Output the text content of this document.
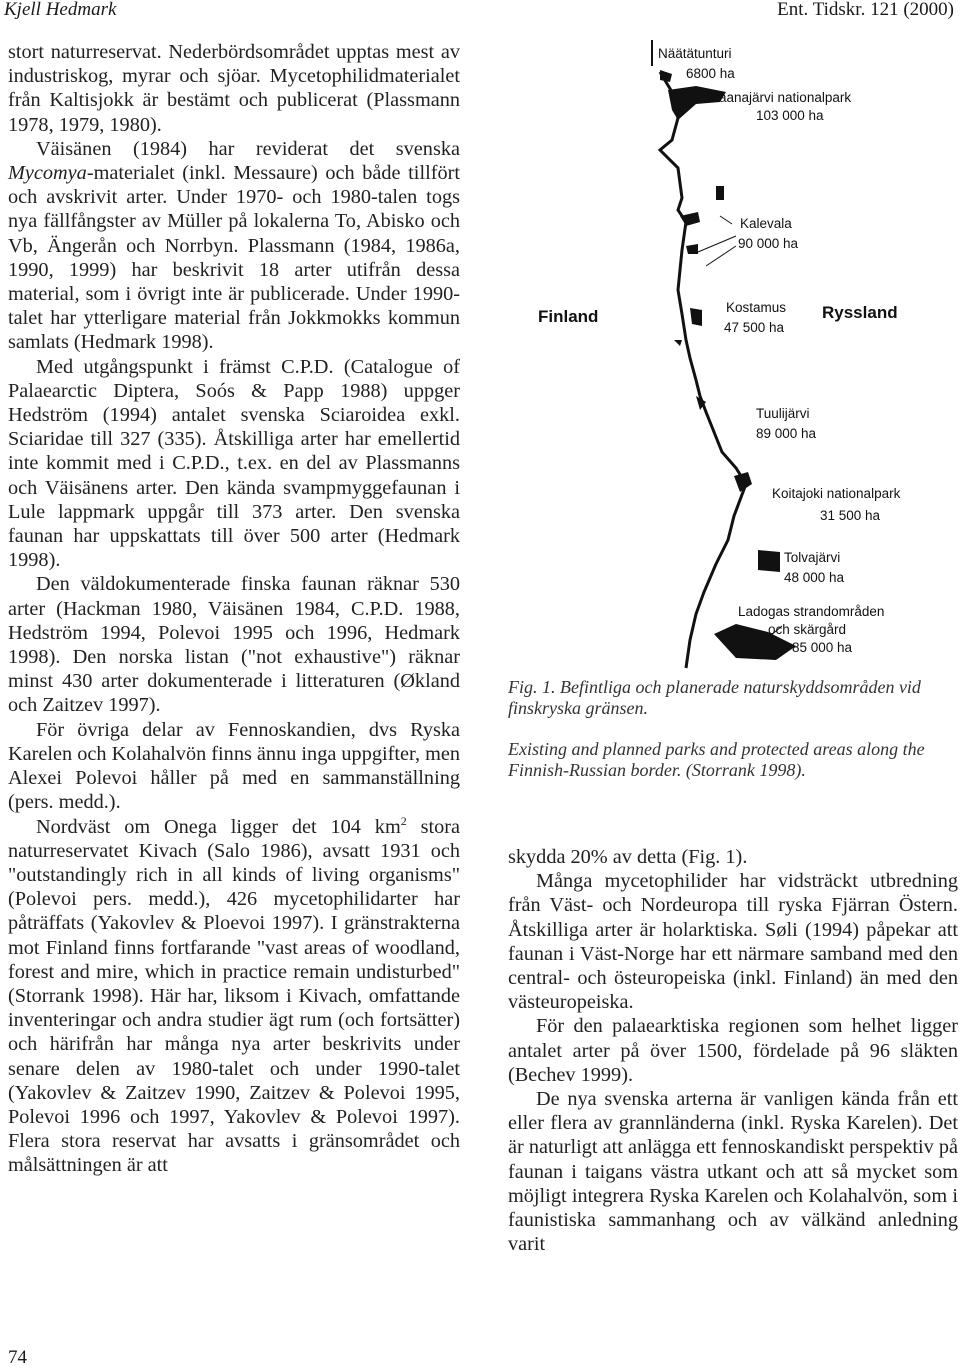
Kjell Hedmark	Ent. Tidskr. 121 (2000)

stort naturreservat. Nederbördsområdet upptas mest av industriskog, myrar och sjöar. Mycetophilidmaterialet från Kaltisjokk är bestämt och publicerat (Plassmann 1978, 1979, 1980).

Väisänen (1984) har reviderat det svenska Mycomya-materialet (inkl. Messaure) och både tillfört och avskrivit arter. Under 1970- och 1980-talen togs nya fällfångster av Müller på lokalerna To, Abisko och Vb, Ängerån och Norrbyn. Plassmann (1984, 1986a, 1990, 1999) har beskrivit 18 arter utifrån dessa material, som i övrigt inte är publicerade. Under 1990-talet har ytterligare material från Jokkmokks kommun samlats (Hedmark 1998).

Med utgångspunkt i främst C.P.D. (Catalogue of Palaearctic Diptera, Soós & Papp 1988) uppger Hedström (1994) antalet svenska Sciaroidea exkl. Sciaridae till 327 (335). Åtskilliga arter har emellertid inte kommit med i C.P.D., t.ex. en del av Plassmanns och Väisänens arter. Den kända svampmyggefaunan i Lule lappmark uppgår till 373 arter. Den svenska faunan har uppskattats till över 500 arter (Hedmark 1998).

Den väldokumenterade finska faunan räknar 530 arter (Hackman 1980, Väisänen 1984, C.P.D. 1988, Hedström 1994, Polevoi 1995 och 1996, Hedmark 1998). Den norska listan ("not exhaustive") räknar minst 430 arter dokumenterade i litteraturen (Økland och Zaitzev 1997).

För övriga delar av Fennoskandien, dvs Ryska Karelen och Kolahalvön finns ännu inga uppgifter, men Alexei Polevoi håller på med en sammanställning (pers. medd.).

Nordväst om Onega ligger det 104 $km^2$ stora naturreservatet Kivach (Salo 1986), avsatt 1931 och "outstandingly rich in all kinds of living organisms" (Polevoi pers. medd.), 426 mycetophilidarter har påträffats (Yakovlev & Ploevoi 1997). I gränstrakterna mot Finland finns fortfarande "vast areas of woodland, forest and mire, which in practice remain undisturbed" (Storrank 1998). Här har, liksom i Kivach, omfattande inventeringar och andra studier ägt rum (och fortsätter) och härifrån har många nya arter beskrivits under senare delen av 1980-talet och under 1990-talet (Yakovlev & Zaitzev 1990, Zaitzev & Polevoi 1995, Polevoi 1996 och 1997, Yakovlev & Polevoi 1997). Flera stora reservat har avsatts i gränsområdet och målsättningen är att

Näätätunturi
6800 ha
Paanajärvi nationalpark
103 000 ha
Kalevala
90 000 ha
Kostamus
47 500 ha
Tuulijärvi
89 000 ha
Koitajoki nationalpark
31 500 ha
Tolvajärvi
48 000 ha
Ladogas strandområden
och skärgård
85 000 ha
Finland	Ryssland

Fig. 1. Befintliga och planerade naturskyddsområden vid finskryska gränsen.

Existing and planned parks and protected areas along the Finnish-Russian border. (Storrank 1998).

skydda 20% av detta (Fig. 1).

Många mycetophilider har vidsträckt utbredning från Väst- och Nordeuropa till ryska Fjärran Östern. Åtskilliga arter är holarktiska. Søli (1994) påpekar att faunan i Väst-Norge har ett närmare samband med den central- och östeuropeiska (inkl. Finland) än med den västeuropeiska.

För den palaearktiska regionen som helhet ligger antalet arter på över 1500, fördelade på 96 släkten (Bechev 1999).

De nya svenska arterna är vanligen kända från ett eller flera av grannländerna (inkl. Ryska Karelen). Det är naturligt att anlägga ett fennoskandiskt perspektiv på faunan i taigans västra utkant och att så mycket som möjligt integrera Ryska Karelen och Kolahalvön, som i faunistiska sammanhang och av välkänd anledning varit

74
